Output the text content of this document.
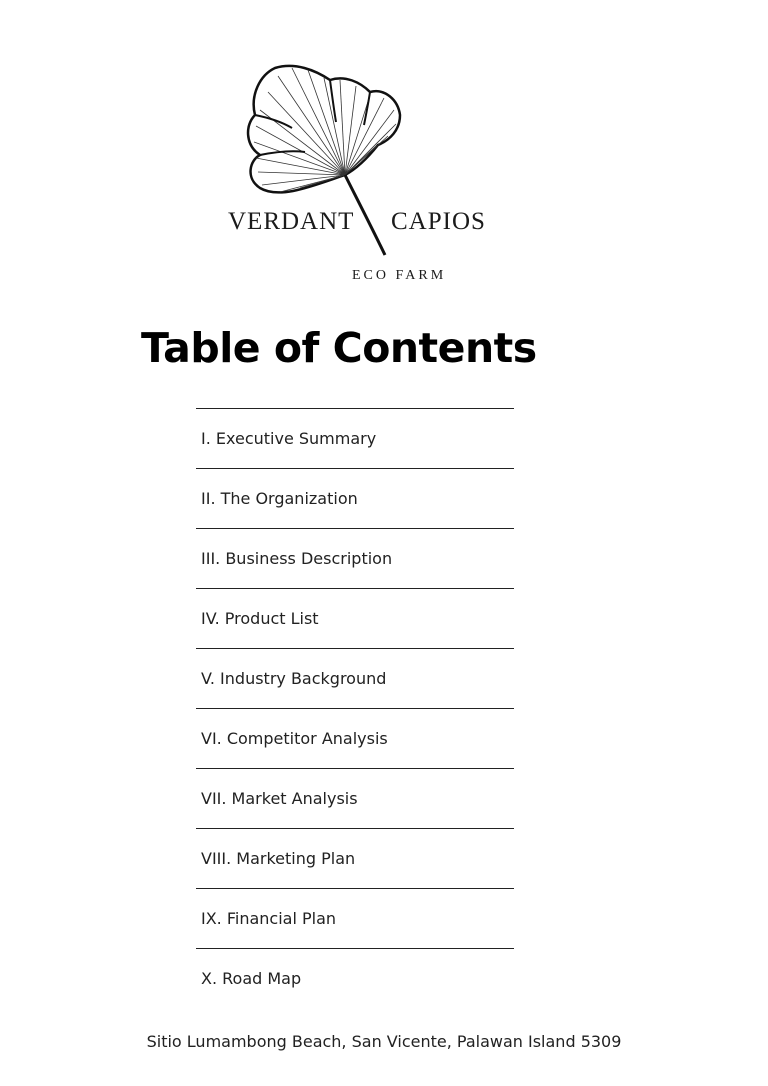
VERDANT CAPIOS
ECO FARM
Table of Contents
I. Executive Summary
II. The Organization
III. Business Description
IV. Product List
V. Industry Background
VI. Competitor Analysis
VII. Market Analysis
VIII. Marketing Plan
IX. Financial Plan
X. Road Map
Sitio Lumambong Beach, San Vicente, Palawan Island 5309
